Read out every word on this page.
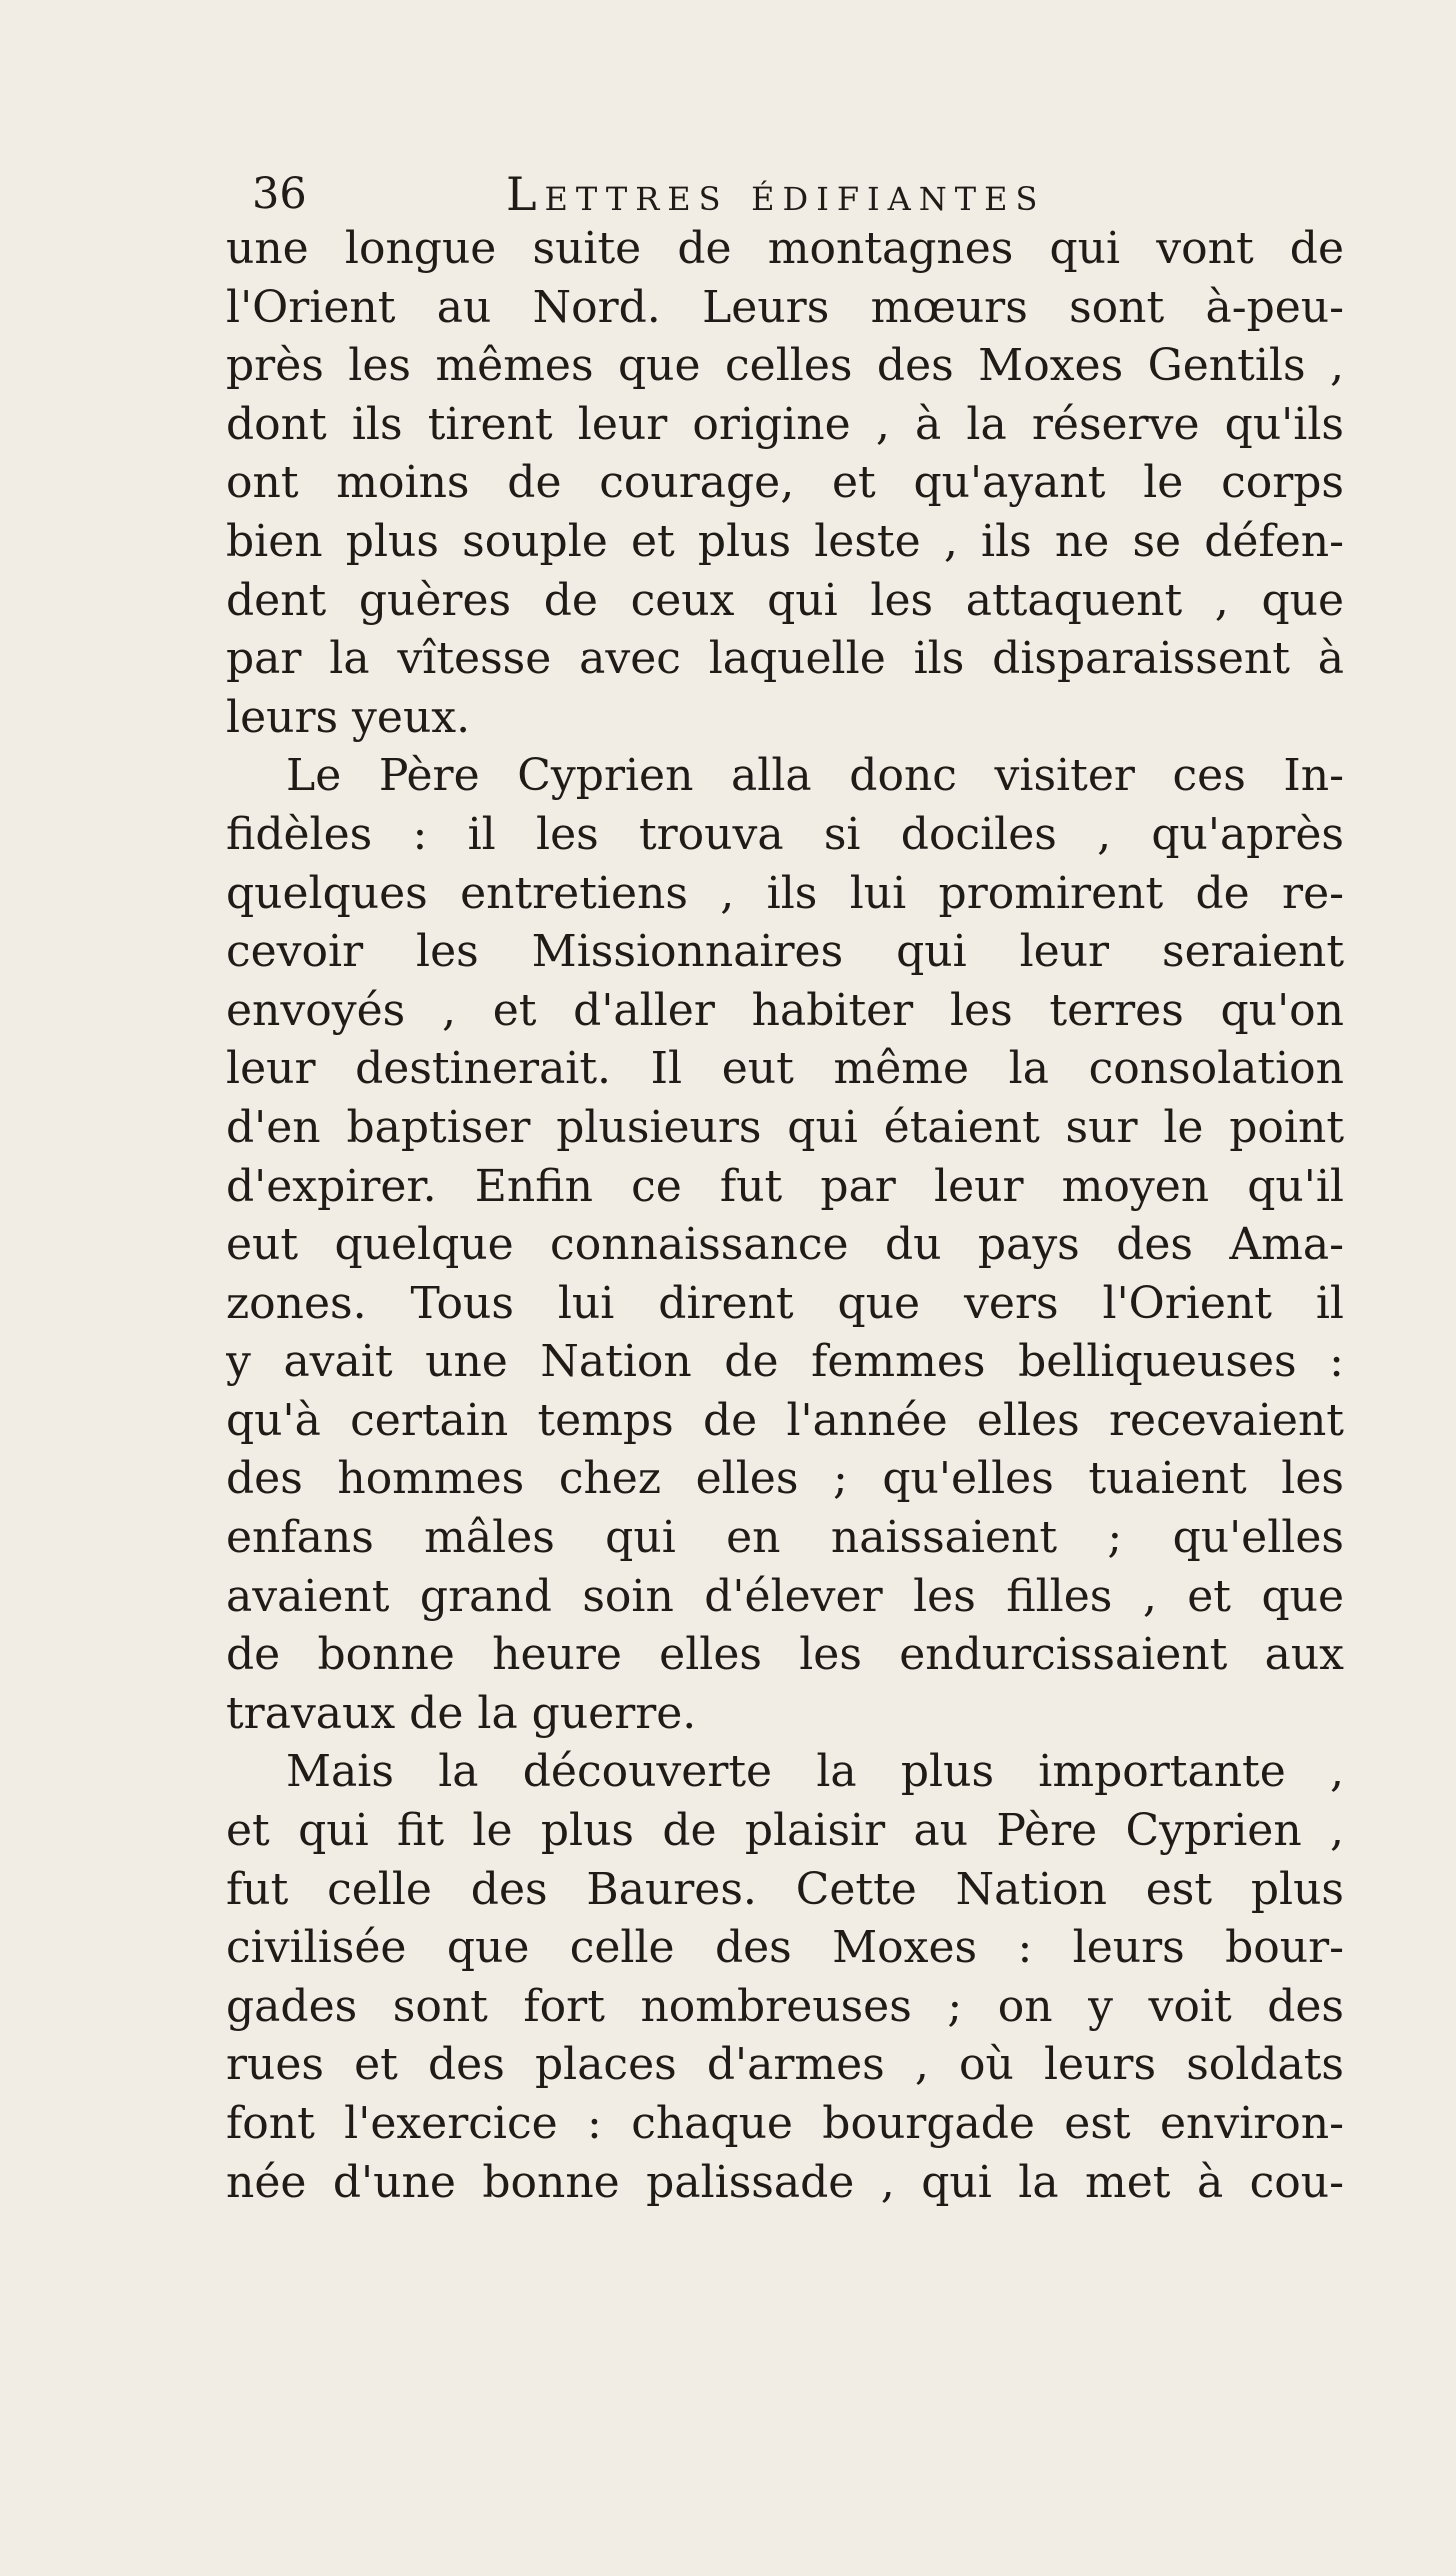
36	Lettres édifiantes
une longue suite de montagnes qui vont de
l'Orient au Nord. Leurs mœurs sont à-peu-
près les mêmes que celles des Moxes Gentils ,
dont ils tirent leur origine , à la réserve qu'ils
ont moins de courage, et qu'ayant le corps
bien plus souple et plus leste , ils ne se défen-
dent guères de ceux qui les attaquent , que
par la vîtesse avec laquelle ils disparaissent à
leurs yeux.
Le Père Cyprien alla donc visiter ces In-
fidèles : il les trouva si dociles , qu'après
quelques entretiens , ils lui promirent de re-
cevoir les Missionnaires qui leur seraient
envoyés , et d'aller habiter les terres qu'on
leur destinerait. Il eut même la consolation
d'en baptiser plusieurs qui étaient sur le point
d'expirer. Enfin ce fut par leur moyen qu'il
eut quelque connaissance du pays des Ama-
zones. Tous lui dirent que vers l'Orient il
y avait une Nation de femmes belliqueuses :
qu'à certain temps de l'année elles recevaient
des hommes chez elles ; qu'elles tuaient les
enfans mâles qui en naissaient ; qu'elles
avaient grand soin d'élever les filles , et que
de bonne heure elles les endurcissaient aux
travaux de la guerre.
Mais la découverte la plus importante ,
et qui fit le plus de plaisir au Père Cyprien ,
fut celle des Baures. Cette Nation est plus
civilisée que celle des Moxes : leurs bour-
gades sont fort nombreuses ; on y voit des
rues et des places d'armes , où leurs soldats
font l'exercice : chaque bourgade est environ-
née d'une bonne palissade , qui la met à cou-
